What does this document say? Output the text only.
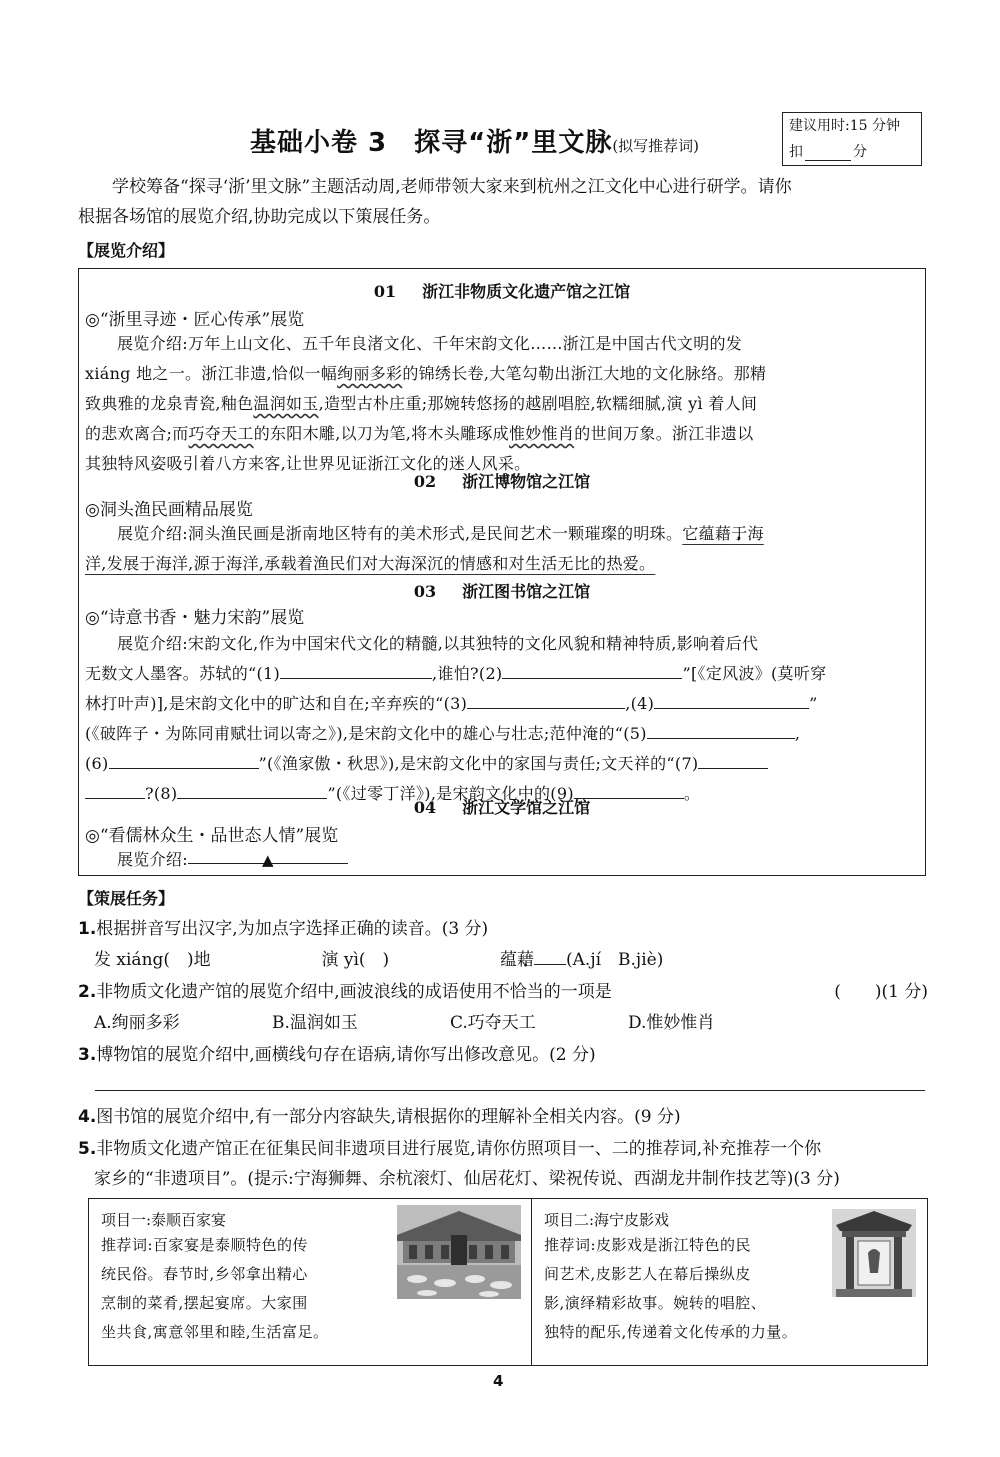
基础小卷 3　探寻“浙”里文脉(拟写推荐词)
建议用时:15 分钟
扣	分
学校筹备“探寻‘浙’里文脉”主题活动周,老师带领大家来到杭州之江文化中心进行研学。请你
根据各场馆的展览介绍,协助完成以下策展任务。
【展览介绍】
01 浙江非物质文化遗产馆之江馆
◎“浙里寻迹・匠心传承”展览
展览介绍:万年上山文化、五千年良渚文化、千年宋韵文化……浙江是中国古代文明的发
xiáng 地之一。浙江非遗,恰似一幅绚丽多彩的锦绣长卷,大笔勾勒出浙江大地的文化脉络。那精
致典雅的龙泉青瓷,釉色温润如玉,造型古朴庄重;那婉转悠扬的越剧唱腔,软糯细腻,演 yì 着人间
的悲欢离合;而巧夺天工的东阳木雕,以刀为笔,将木头雕琢成惟妙惟肖的世间万象。浙江非遗以
其独特风姿吸引着八方来客,让世界见证浙江文化的迷人风采。
02 浙江博物馆之江馆
◎洞头渔民画精品展览
展览介绍:洞头渔民画是浙南地区特有的美术形式,是民间艺术一颗璀璨的明珠。它蕴藉于海
洋,发展于海洋,源于海洋,承载着渔民们对大海深沉的情感和对生活无比的热爱。
03 浙江图书馆之江馆
◎“诗意书香・魅力宋韵”展览
展览介绍:宋韵文化,作为中国宋代文化的精髓,以其独特的文化风貌和精神特质,影响着后代
无数文人墨客。苏轼的“(1)	,谁怕?(2)	”[《定风波》(莫听穿
林打叶声)],是宋韵文化中的旷达和自在;辛弃疾的“(3)	,(4)	”
(《破阵子・为陈同甫赋壮词以寄之》),是宋韵文化中的雄心与壮志;范仲淹的“(5)	,
(6)	”(《渔家傲・秋思》),是宋韵文化中的家国与责任;文天祥的“(7)
?(8)	”(《过零丁洋》),是宋韵文化中的(9)	。
04 浙江文学馆之江馆
◎“看儒林众生・品世态人情”展览
展览介绍:	▲
【策展任务】
1.根据拼音写出汉字,为加点字选择正确的读音。(3 分)
发 xiáng(　)地	演 yì(　)	蕴藉 (A.jí　B.jiè)
2.非物质文化遗产馆的展览介绍中,画波浪线的成语使用不恰当的一项是	(　　)(1 分)
A.绚丽多彩	B.温润如玉	C.巧夺天工	D.惟妙惟肖
3.博物馆的展览介绍中,画横线句存在语病,请你写出修改意见。(2 分)
4.图书馆的展览介绍中,有一部分内容缺失,请根据你的理解补全相关内容。(9 分)
5.非物质文化遗产馆正在征集民间非遗项目进行展览,请你仿照项目一、二的推荐词,补充推荐一个你
家乡的“非遗项目”。(提示:宁海狮舞、余杭滚灯、仙居花灯、梁祝传说、西湖龙井制作技艺等)(3 分)
项目一:泰顺百家宴
推荐词:百家宴是泰顺特色的传
统民俗。春节时,乡邻拿出精心
烹制的菜肴,摆起宴席。大家围
坐共食,寓意邻里和睦,生活富足。
项目二:海宁皮影戏
推荐词:皮影戏是浙江特色的民
间艺术,皮影艺人在幕后操纵皮
影,演绎精彩故事。婉转的唱腔、
独特的配乐,传递着文化传承的力量。
4
